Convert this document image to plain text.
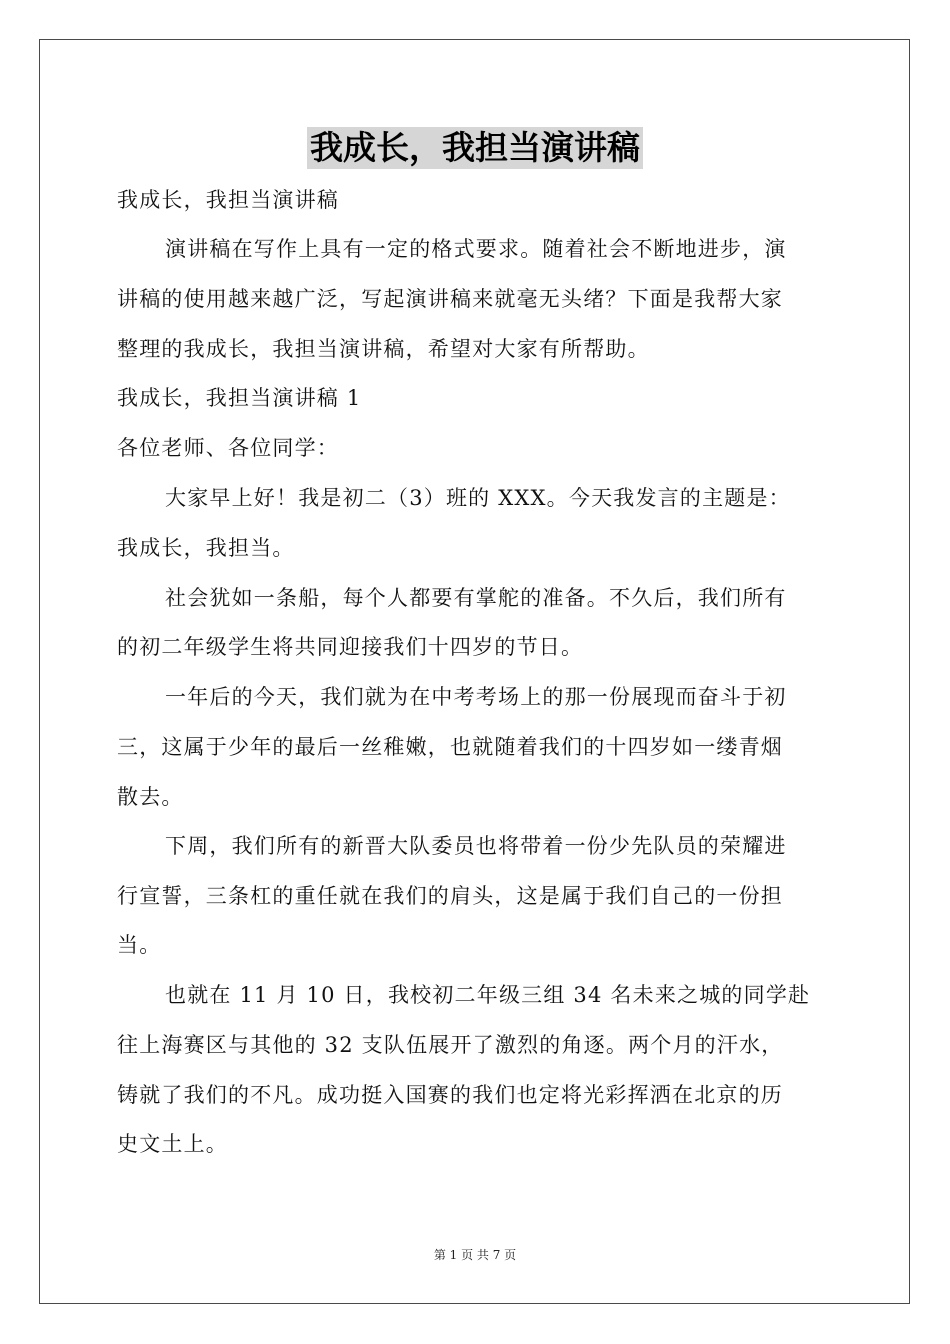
我成长，我担当演讲稿
我成长，我担当演讲稿
演讲稿在写作上具有一定的格式要求。随着社会不断地进步，演
讲稿的使用越来越广泛，写起演讲稿来就毫无头绪？下面是我帮大家
整理的我成长，我担当演讲稿，希望对大家有所帮助。
我成长，我担当演讲稿 1
各位老师、各位同学：
大家早上好！我是初二（3）班的 XXX。今天我发言的主题是：
我成长，我担当。
社会犹如一条船，每个人都要有掌舵的准备。不久后，我们所有
的初二年级学生将共同迎接我们十四岁的节日。
一年后的今天，我们就为在中考考场上的那一份展现而奋斗于初
三，这属于少年的最后一丝稚嫩，也就随着我们的十四岁如一缕青烟
散去。
下周，我们所有的新晋大队委员也将带着一份少先队员的荣耀进
行宣誓，三条杠的重任就在我们的肩头，这是属于我们自己的一份担
当。
也就在 11 月 10 日，我校初二年级三组 34 名未来之城的同学赴
往上海赛区与其他的 32 支队伍展开了激烈的角逐。两个月的汗水，
铸就了我们的不凡。成功挺入国赛的我们也定将光彩挥洒在北京的历
史文土上。
第 1 页 共 7 页
